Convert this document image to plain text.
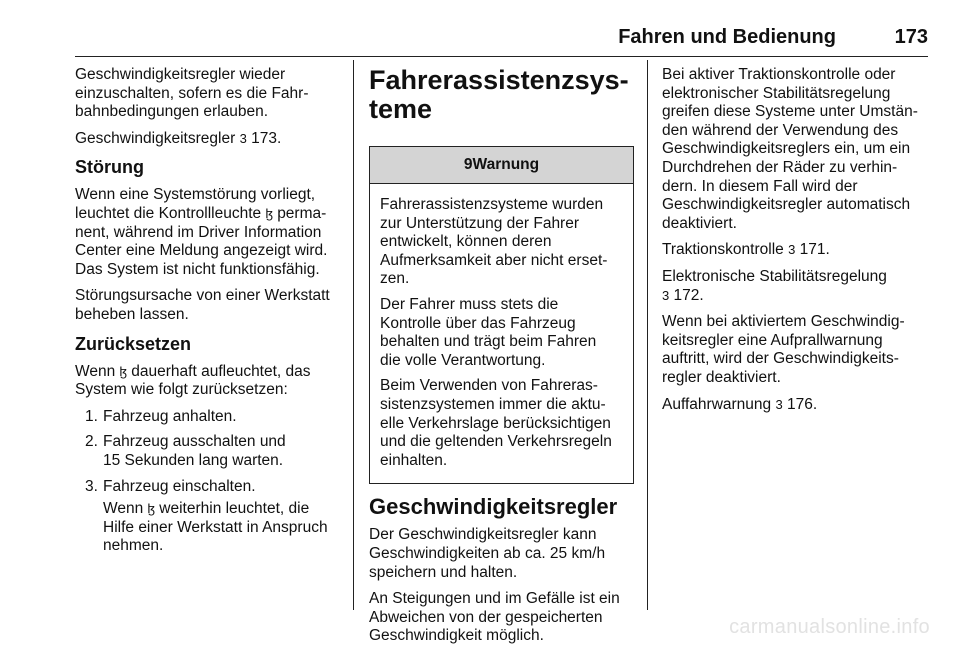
Fahren und Bedienung	173

Geschwindigkeitsregler wieder
einzuschalten, sofern es die Fahr-
bahnbedingungen erlauben.

Geschwindigkeitsregler 3 173.

Störung

Wenn eine Systemstörung vorliegt,
leuchtet die Kontrollleuchte ɮ perma-
nent, während im Driver Information
Center eine Meldung angezeigt wird.
Das System ist nicht funktionsfähig.

Störungsursache von einer Werkstatt
beheben lassen.

Zurücksetzen

Wenn ɮ dauerhaft aufleuchtet, das
System wie folgt zurücksetzen:

1. Fahrzeug anhalten.
2. Fahrzeug ausschalten und
15 Sekunden lang warten.
3. Fahrzeug einschalten.
Wenn ɮ weiterhin leuchtet, die
Hilfe einer Werkstatt in Anspruch
nehmen.
Fahrerassistenzsys-
teme
9Warnung

Fahrerassistenzsysteme wurden
zur Unterstützung der Fahrer
entwickelt, können deren
Aufmerksamkeit aber nicht erset-
zen.

Der Fahrer muss stets die
Kontrolle über das Fahrzeug
behalten und trägt beim Fahren
die volle Verantwortung.

Beim Verwenden von Fahreras-
sistenzsystemen immer die aktu-
elle Verkehrslage berücksichtigen
und die geltenden Verkehrsregeln
einhalten.

Geschwindigkeitsregler

Der Geschwindigkeitsregler kann
Geschwindigkeiten ab ca. 25 km/h
speichern und halten.

An Steigungen und im Gefälle ist ein
Abweichen von der gespeicherten
Geschwindigkeit möglich.

Bei aktiver Traktionskontrolle oder
elektronischer Stabilitätsregelung
greifen diese Systeme unter Umstän-
den während der Verwendung des
Geschwindigkeitsreglers ein, um ein
Durchdrehen der Räder zu verhin-
dern. In diesem Fall wird der
Geschwindigkeitsregler automatisch
deaktiviert.

Traktionskontrolle 3 171.

Elektronische Stabilitätsregelung
3 172.

Wenn bei aktiviertem Geschwindig-
keitsregler eine Aufprallwarnung
auftritt, wird der Geschwindigkeits-
regler deaktiviert.

Auffahrwarnung 3 176.

carmanualsonline.info
